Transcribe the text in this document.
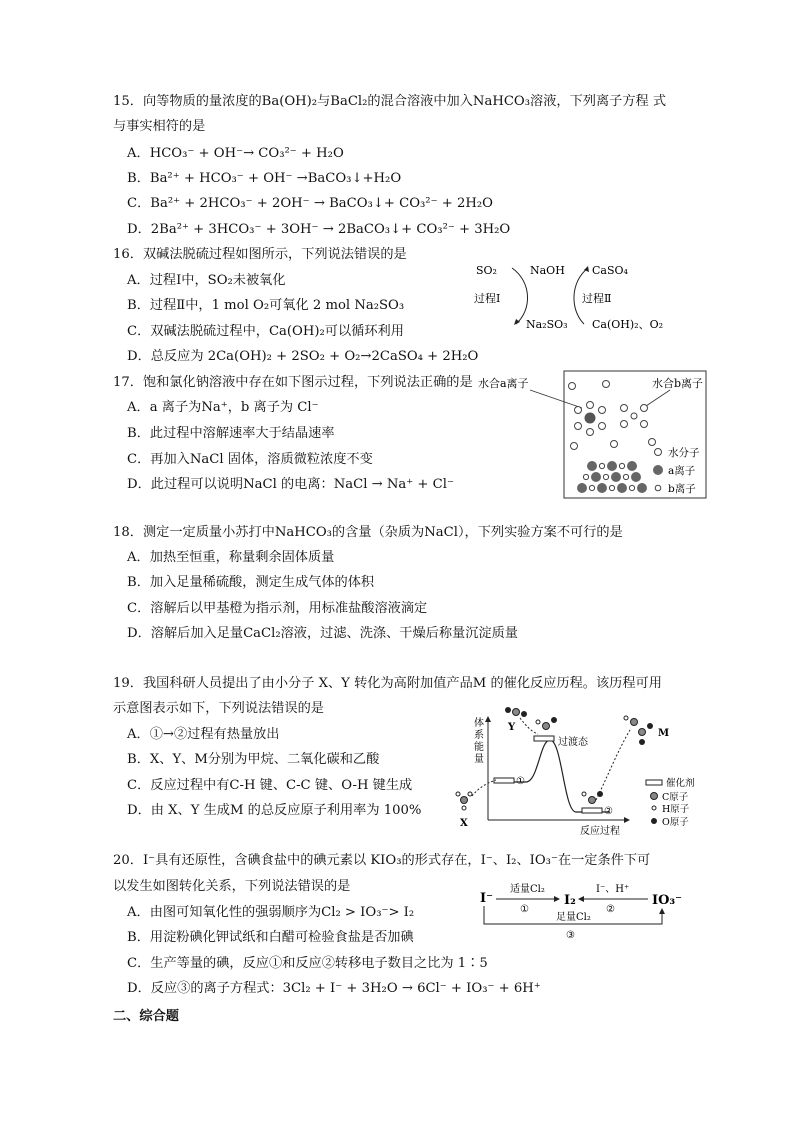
15．向等物质的量浓度的Ba(OH)₂与BaCl₂的混合溶液中加入NaHCO₃溶液，下列离子方程 式
与事实相符的是
A．HCO₃⁻ + OH⁻→ CO₃²⁻ + H₂O
B．Ba²⁺ + HCO₃⁻ + OH⁻ →BaCO₃↓+H₂O
C．Ba²⁺ + 2HCO₃⁻ + 2OH⁻ → BaCO₃↓+ CO₃²⁻ + 2H₂O
D．2Ba²⁺ + 3HCO₃⁻ + 3OH⁻ → 2BaCO₃↓+ CO₃²⁻ + 3H₂O
16．双碱法脱硫过程如图所示，下列说法错误的是
A．过程Ⅰ中，SO₂未被氧化
B．过程Ⅱ中，1 mol O₂可氧化 2 mol Na₂SO₃
C．双碱法脱硫过程中，Ca(OH)₂可以循环利用
D．总反应为 2Ca(OH)₂ + 2SO₂ + O₂→2CaSO₄ + 2H₂O
SO₂	NaOH CaSO₄
过程Ⅰ	过程Ⅱ
Na₂SO₃ Ca(OH)₂、O₂
17．饱和氯化钠溶液中存在如下图示过程，下列说法正确的是
A．a 离子为Na⁺，b 离子为 Cl⁻
B．此过程中溶解速率大于结晶速率
C．再加入NaCl 固体，溶质微粒浓度不变
D．此过程可以说明NaCl 的电离：NaCl → Na⁺ + Cl⁻
水合a离子	水合b离子
水分子
a离子
b离子
18．测定一定质量小苏打中NaHCO₃的含量（杂质为NaCl），下列实验方案不可行的是
A．加热至恒重，称量剩余固体质量
B．加入足量稀硫酸，测定生成气体的体积
C．溶解后以甲基橙为指示剂，用标准盐酸溶液滴定
D．溶解后加入足量CaCl₂溶液，过滤、洗涤、干燥后称量沉淀质量
19．我国科研人员提出了由小分子 X、Y 转化为高附加值产品M 的催化反应历程。该历程可用
示意图表示如下，下列说法错误的是
A．①→②过程有热量放出
B．X、Y、M分别为甲烷、二氧化碳和乙酸
C．反应过程中有C-H 键、C-C 键、O-H 键生成
D．由 X、Y 生成M 的总反应原子利用率为 100%
体
系
能
量
反应过程
①
②
过渡态
X
Y
M
催化剂
C原子
H原子
O原子
20．I⁻具有还原性，含碘食盐中的碘元素以 KIO₃的形式存在，I⁻、I₂、IO₃⁻在一定条件下可
以发生如图转化关系，下列说法错误的是
A．由图可知氧化性的强弱顺序为Cl₂ > IO₃⁻> I₂
B．用淀粉碘化钾试纸和白醋可检验食盐是否加碘
C．生产等量的碘，反应①和反应②转移电子数目之比为 1∶5
D．反应③的离子方程式：3Cl₂ + I⁻ + 3H₂O → 6Cl⁻ + IO₃⁻ + 6H⁺
I⁻	I₂	IO₃⁻
适量Cl₂
①
I⁻、H⁺
②
足量Cl₂
③
二、综合题
